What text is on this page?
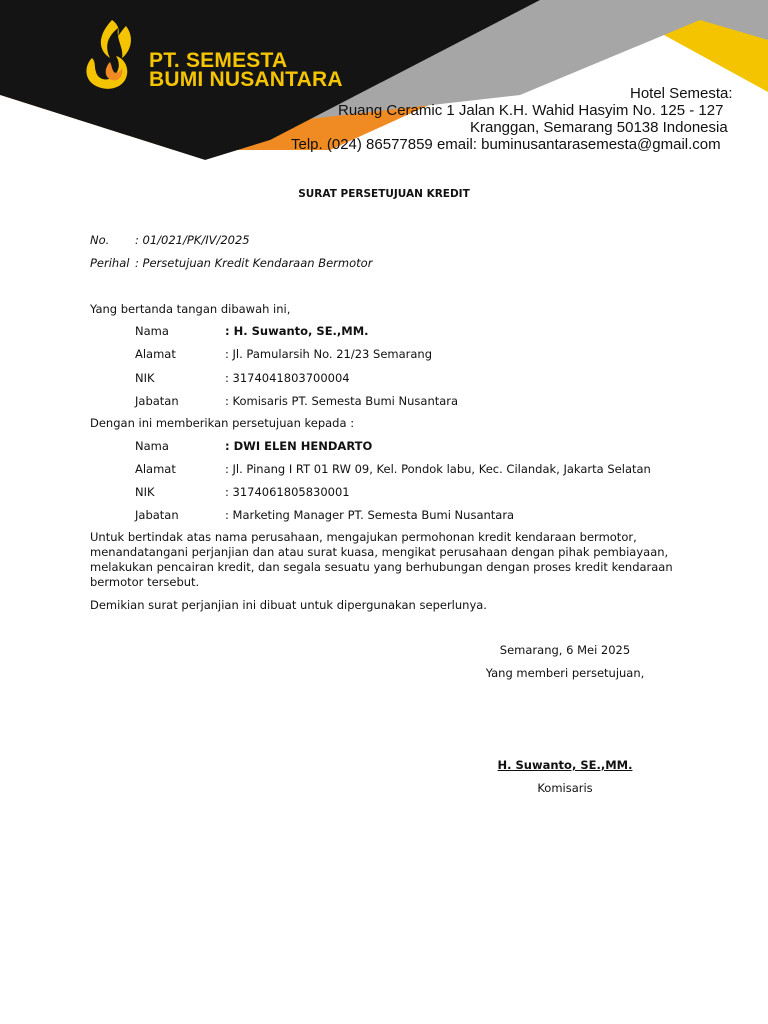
PT. SEMESTA
BUMI NUSANTARA
Hotel Semesta:
Ruang Ceramic 1 Jalan K.H. Wahid Hasyim No. 125 - 127
Kranggan, Semarang 50138 Indonesia
Telp. (024) 86577859 email: buminusantarasemesta@gmail.com
SURAT PERSETUJUAN KREDIT
No. : 01/021/PK/IV/2025
Perihal : Persetujuan Kredit Kendaraan Bermotor
Yang bertanda tangan dibawah ini,
Nama	: H. Suwanto, SE.,MM.
Alamat	: Jl. Pamularsih No. 21/23 Semarang
NIK	: 3174041803700004
Jabatan	: Komisaris PT. Semesta Bumi Nusantara
Dengan ini memberikan persetujuan kepada :
Nama	: DWI ELEN HENDARTO
Alamat	: Jl. Pinang I RT 01 RW 09, Kel. Pondok labu, Kec. Cilandak, Jakarta Selatan
NIK	: 3174061805830001
Jabatan	: Marketing Manager PT. Semesta Bumi Nusantara
Untuk bertindak atas nama perusahaan, mengajukan permohonan kredit kendaraan bermotor,
menandatangani perjanjian dan atau surat kuasa, mengikat perusahaan dengan pihak pembiayaan,
melakukan pencairan kredit, dan segala sesuatu yang berhubungan dengan proses kredit kendaraan
bermotor tersebut.
Demikian surat perjanjian ini dibuat untuk dipergunakan seperlunya.
Semarang, 6 Mei 2025
Yang memberi persetujuan,
H. Suwanto, SE.,MM.
Komisaris
